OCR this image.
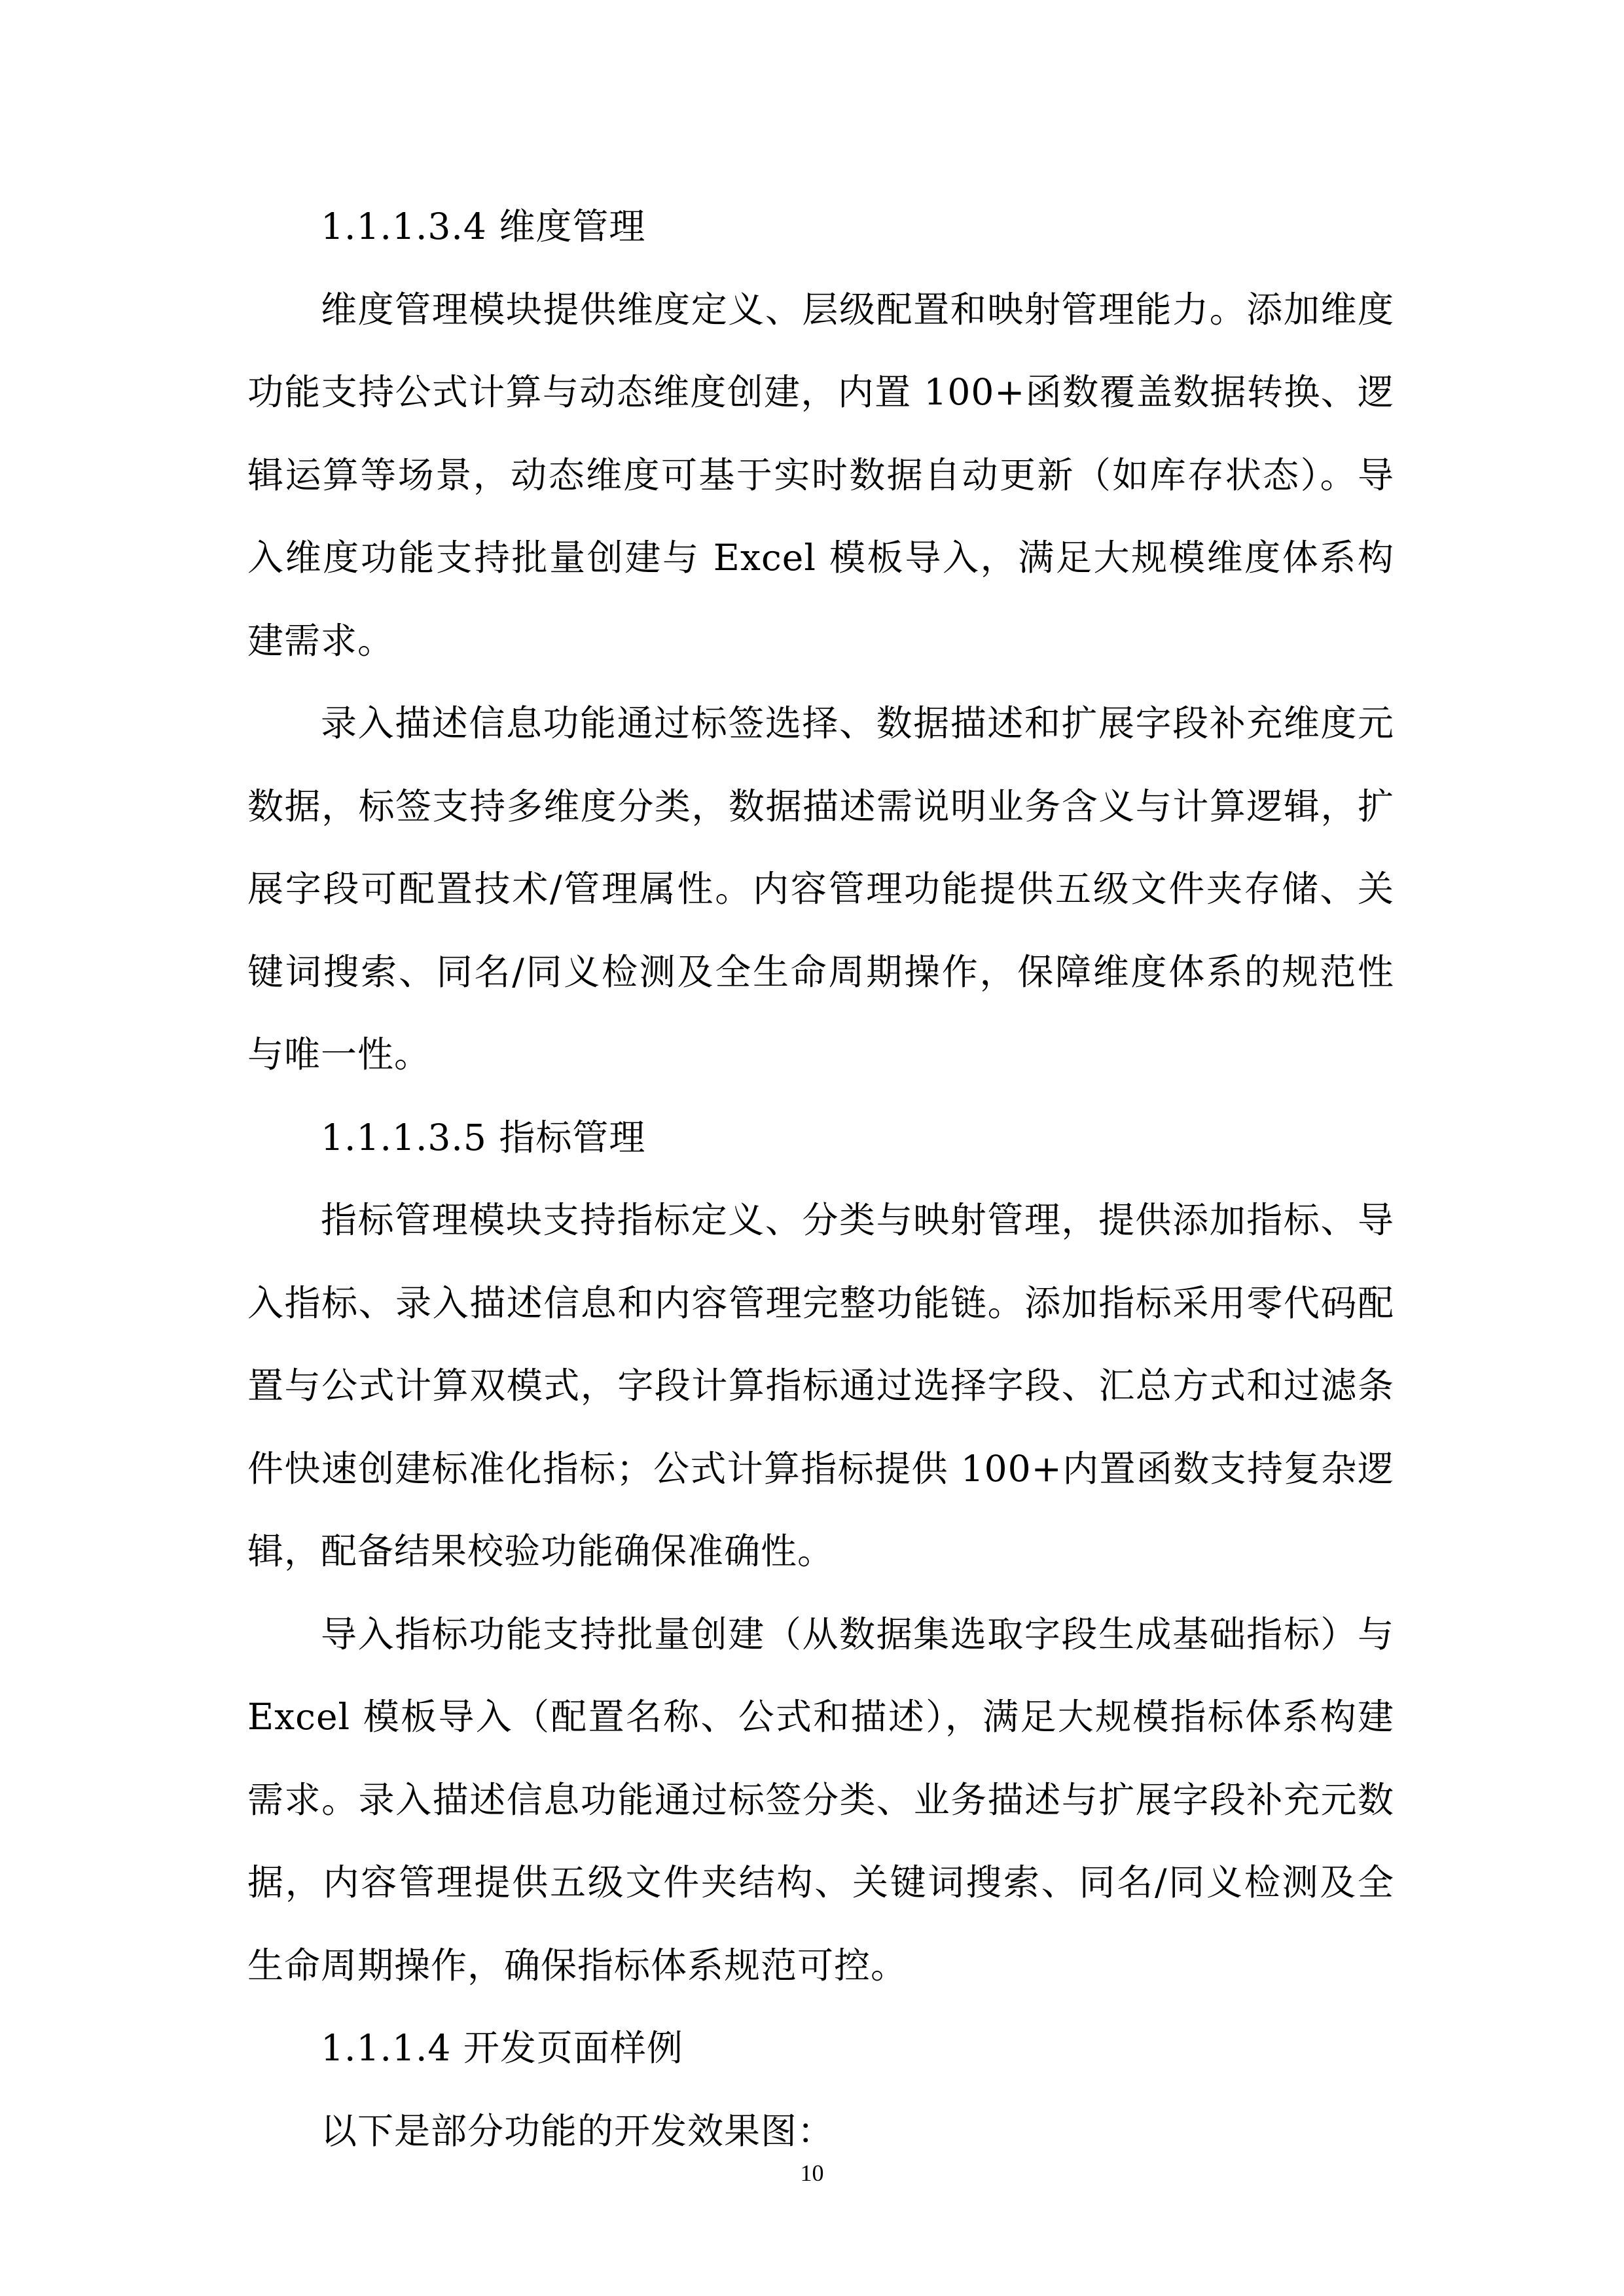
1.1.1.3.4 维度管理

维度管理模块提供维度定义、层级配置和映射管理能力。添加维度功能支持公式计算与动态维度创建，内置 100+函数覆盖数据转换、逻辑运算等场景，动态维度可基于实时数据自动更新（如库存状态）。导入维度功能支持批量创建与 Excel 模板导入，满足大规模维度体系构建需求。

录入描述信息功能通过标签选择、数据描述和扩展字段补充维度元数据，标签支持多维度分类，数据描述需说明业务含义与计算逻辑，扩展字段可配置技术/管理属性。内容管理功能提供五级文件夹存储、关键词搜索、同名/同义检测及全生命周期操作，保障维度体系的规范性与唯一性。

1.1.1.3.5 指标管理

指标管理模块支持指标定义、分类与映射管理，提供添加指标、导入指标、录入描述信息和内容管理完整功能链。添加指标采用零代码配置与公式计算双模式，字段计算指标通过选择字段、汇总方式和过滤条件快速创建标准化指标；公式计算指标提供 100+内置函数支持复杂逻辑，配备结果校验功能确保准确性。

导入指标功能支持批量创建（从数据集选取字段生成基础指标）与 Excel 模板导入（配置名称、公式和描述），满足大规模指标体系构建需求。录入描述信息功能通过标签分类、业务描述与扩展字段补充元数据，内容管理提供五级文件夹结构、关键词搜索、同名/同义检测及全生命周期操作，确保指标体系规范可控。

1.1.1.4 开发页面样例

以下是部分功能的开发效果图：

10
